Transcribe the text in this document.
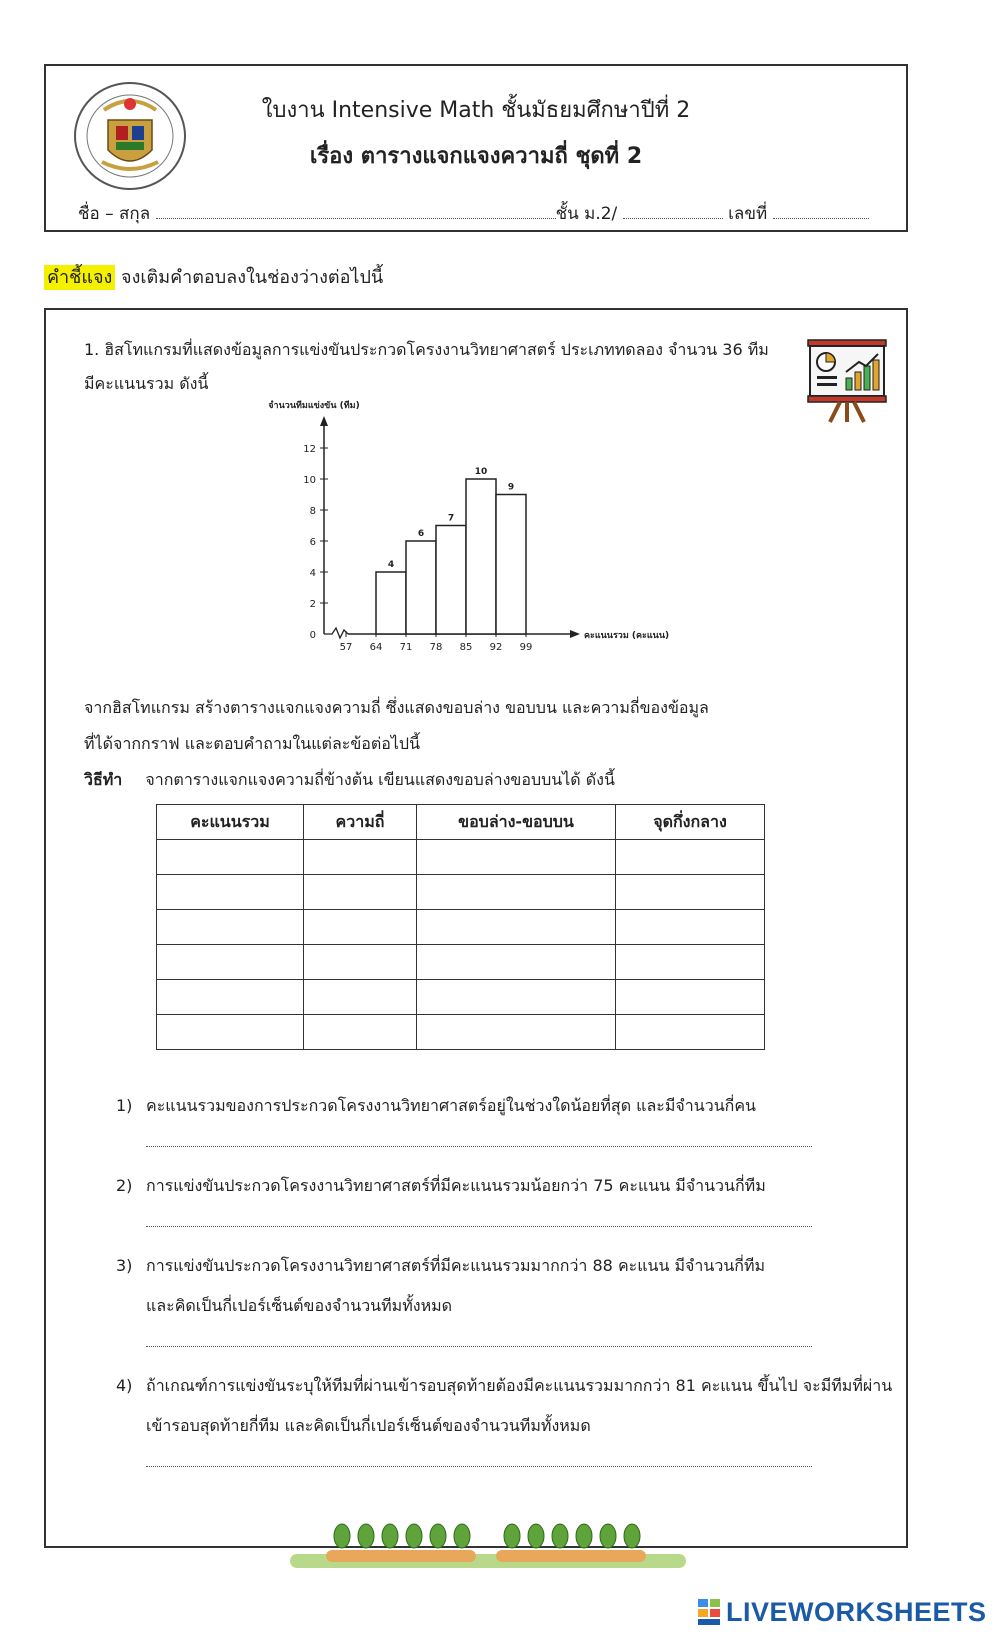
ใบงาน Intensive Math ชั้นมัธยมศึกษาปีที่ 2
เรื่อง ตารางแจกแจงความถี่ ชุดที่ 2
ชื่อ – สกุล	ชั้น ม.2/	เลขที่
คำชี้แจง จงเติมคำตอบลงในช่องว่างต่อไปนี้
1. ฮิสโทแกรมที่แสดงข้อมูลการแข่งขันประกวดโครงงานวิทยาศาสตร์ ประเภททดลอง จำนวน 36 ทีม
มีคะแนนรวม ดังนี้
0
2
4
6
8
10
12
57 64 71 78 85 92 99
4
6
7
10
9
จำนวนทีมแข่งขัน (ทีม)
คะแนนรวม (คะแนน)
จากฮิสโทแกรม สร้างตารางแจกแจงความถี่ ซึ่งแสดงขอบล่าง ขอบบน และความถี่ของข้อมูล
ที่ได้จากกราฟ และตอบคำถามในแต่ละข้อต่อไปนี้
วิธีทำ จากตารางแจกแจงความถี่ข้างต้น เขียนแสดงขอบล่างขอบบนได้ ดังนี้
คะแนนรวม	ความถี่	ขอบล่าง-ขอบบน	จุดกึ่งกลาง

1) คะแนนรวมของการประกวดโครงงานวิทยาศาสตร์อยู่ในช่วงใดน้อยที่สุด และมีจำนวนกี่คน
2) การแข่งขันประกวดโครงงานวิทยาศาสตร์ที่มีคะแนนรวมน้อยกว่า 75 คะแนน มีจำนวนกี่ทีม
3) การแข่งขันประกวดโครงงานวิทยาศาสตร์ที่มีคะแนนรวมมากกว่า 88 คะแนน มีจำนวนกี่ทีม
และคิดเป็นกี่เปอร์เซ็นต์ของจำนวนทีมทั้งหมด
4) ถ้าเกณฑ์การแข่งขันระบุให้ทีมที่ผ่านเข้ารอบสุดท้ายต้องมีคะแนนรวมมากกว่า 81 คะแนน ขึ้นไป จะมีทีมที่ผ่าน
เข้ารอบสุดท้ายกี่ทีม และคิดเป็นกี่เปอร์เซ็นต์ของจำนวนทีมทั้งหมด
LIVEWORKSHEETS
